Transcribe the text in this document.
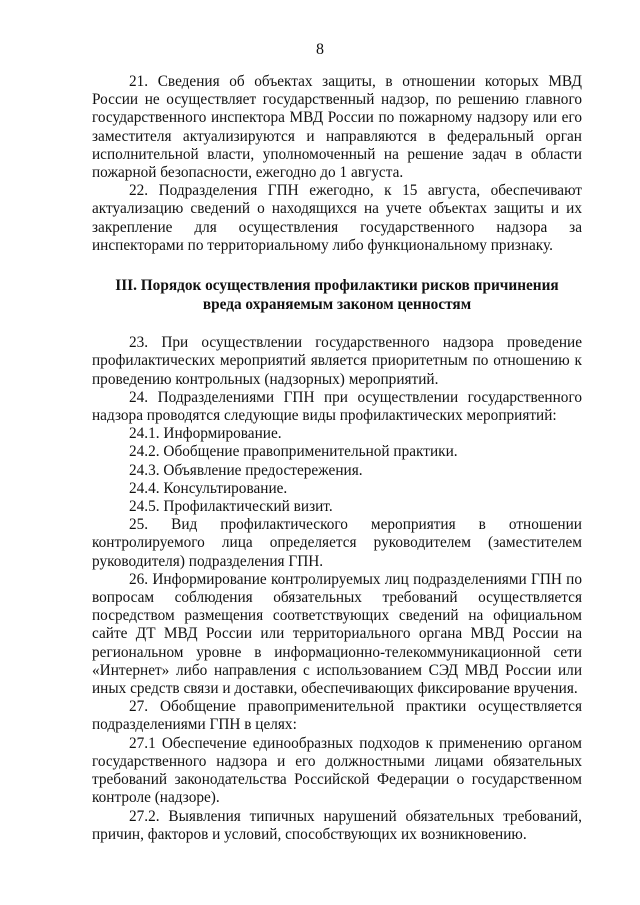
8

21. Сведения об объектах защиты, в отношении которых МВД России не осуществляет государственный надзор, по решению главного государственного инспектора МВД России по пожарному надзору или его заместителя актуализируются и направляются в федеральный орган исполнительной власти, уполномоченный на решение задач в области пожарной безопасности, ежегодно до 1 августа.

22. Подразделения ГПН ежегодно, к 15 августа, обеспечивают актуализацию сведений о находящихся на учете объектах защиты и их закрепление для осуществления государственного надзора за инспекторами по территориальному либо функциональному признаку.

III. Порядок осуществления профилактики рисков причинения
вреда охраняемым законом ценностям

23. При осуществлении государственного надзора проведение профилактических мероприятий является приоритетным по отношению к проведению контрольных (надзорных) мероприятий.

24. Подразделениями ГПН при осуществлении государственного надзора проводятся следующие виды профилактических мероприятий:

24.1. Информирование.

24.2. Обобщение правоприменительной практики.

24.3. Объявление предостережения.

24.4. Консультирование.

24.5. Профилактический визит.

25. Вид профилактического мероприятия в отношении контролируемого лица определяется руководителем (заместителем руководителя) подразделения ГПН.

26. Информирование контролируемых лиц подразделениями ГПН по вопросам соблюдения обязательных требований осуществляется посредством размещения соответствующих сведений на официальном сайте ДТ МВД России или территориального органа МВД России на региональном уровне в информационно-телекоммуникационной сети «Интернет» либо направления с использованием СЭД МВД России или иных средств связи и доставки, обеспечивающих фиксирование вручения.

27. Обобщение правоприменительной практики осуществляется подразделениями ГПН в целях:

27.1 Обеспечение единообразных подходов к применению органом государственного надзора и его должностными лицами обязательных требований законодательства Российской Федерации о государственном контроле (надзоре).

27.2. Выявления типичных нарушений обязательных требований, причин, факторов и условий, способствующих их возникновению.
